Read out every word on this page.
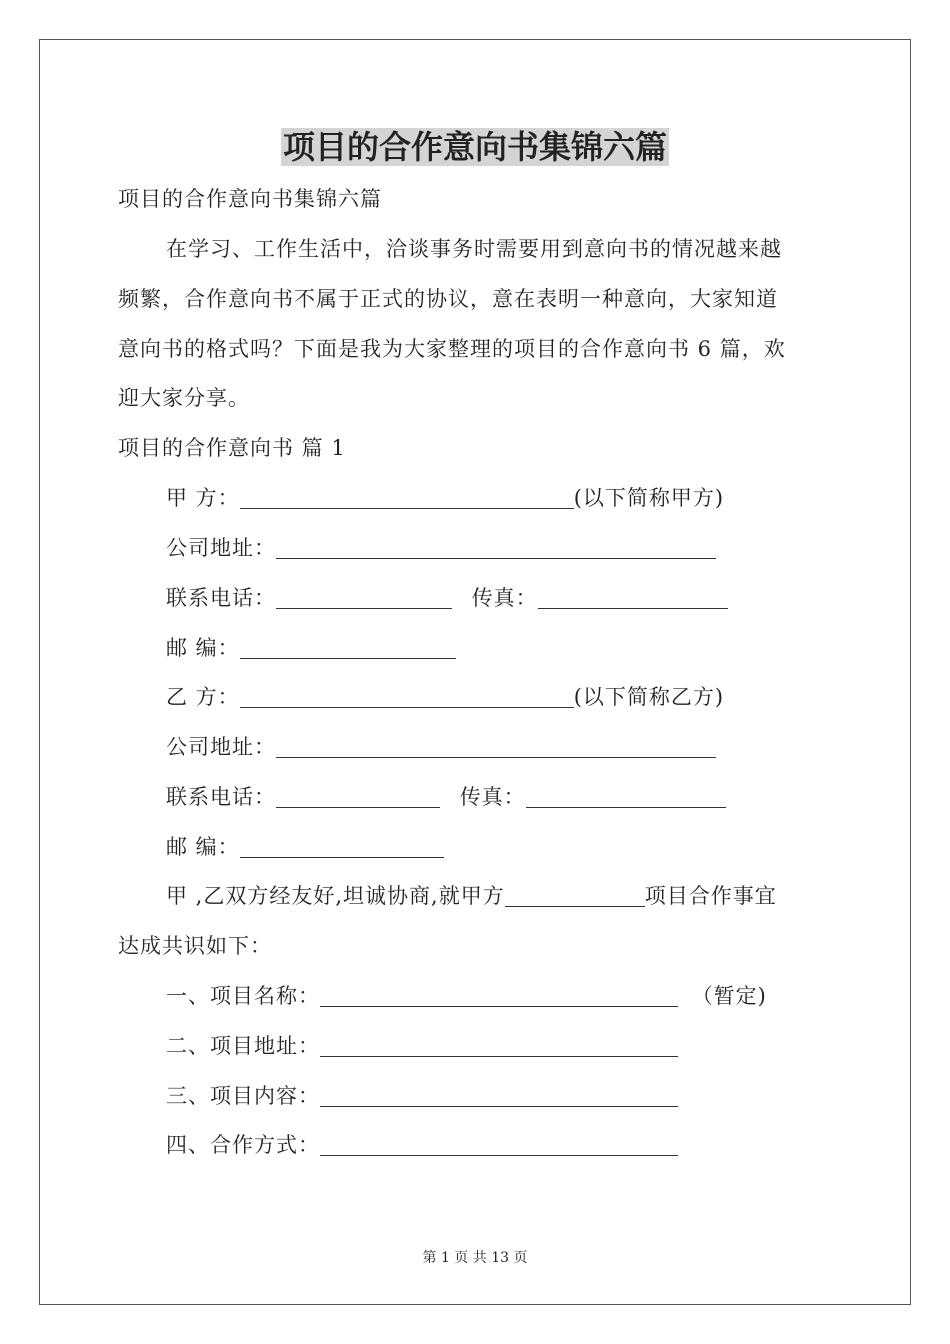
项目的合作意向书集锦六篇
项目的合作意向书集锦六篇
在学习、工作生活中，洽谈事务时需要用到意向书的情况越来越
频繁，合作意向书不属于正式的协议，意在表明一种意向，大家知道
意向书的格式吗？下面是我为大家整理的项目的合作意向书 6 篇，欢
迎大家分享。
项目的合作意向书 篇 1
甲 方：	(以下简称甲方)
公司地址：
联系电话：	传真：
邮 编：
乙 方：	(以下简称乙方)
公司地址：
联系电话：	传真：
邮 编：
甲 ,乙双方经友好,坦诚协商,就甲方	项目合作事宜
达成共识如下：
一、项目名称：	（暂定)
二、项目地址：
三、项目内容：
四、合作方式：
第 1 页 共 13 页
